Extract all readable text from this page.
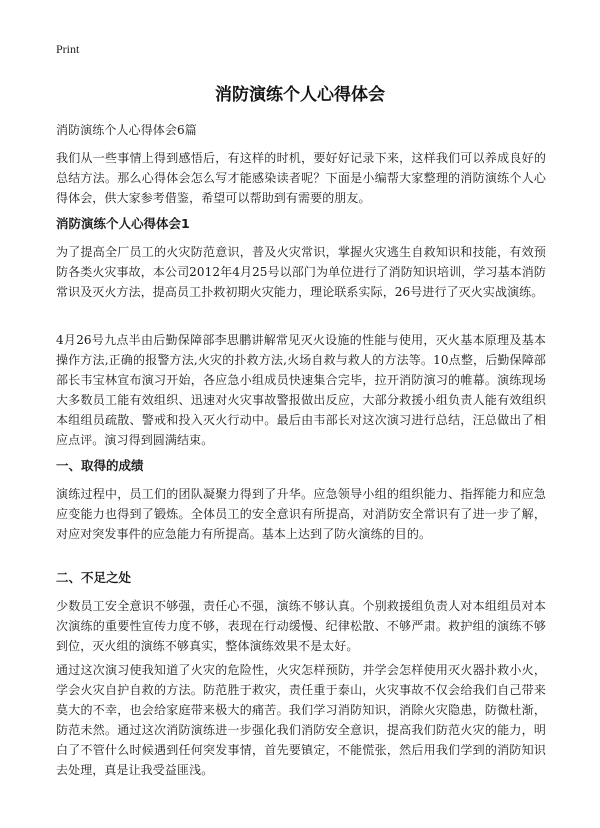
Print
消防演练个人心得体会

消防演练个人心得体会6篇

我们从一些事情上得到感悟后，有这样的时机，要好好记录下来，这样我们可以养成良好的总结方法。那么心得体会怎么写才能感染读者呢？下面是小编帮大家整理的消防演练个人心得体会，供大家参考借鉴，希望可以帮助到有需要的朋友。

消防演练个人心得体会1

为了提高全厂员工的火灾防范意识，普及火灾常识，掌握火灾逃生自救知识和技能，有效预防各类火灾事故，本公司2012年4月25号以部门为单位进行了消防知识培训，学习基本消防常识及灭火方法，提高员工扑救初期火灾能力，理论联系实际，26号进行了灭火实战演练。

4月26号九点半由后勤保障部李思鹏讲解常见灭火设施的性能与使用，灭火基本原理及基本操作方法,正确的报警方法,火灾的扑救方法,火场自救与救人的方法等。10点整，后勤保障部部长韦宝林宣布演习开始，各应急小组成员快速集合完毕，拉开消防演习的帷幕。演练现场大多数员工能有效组织、迅速对火灾事故警报做出反应，大部分救援小组负责人能有效组织本组组员疏散、警戒和投入灭火行动中。最后由韦部长对这次演习进行总结，汪总做出了相应点评。演习得到圆满结束。

一、取得的成绩

演练过程中，员工们的团队凝聚力得到了升华。应急领导小组的组织能力、指挥能力和应急应变能力也得到了锻炼。全体员工的安全意识有所提高，对消防安全常识有了进一步了解，对应对突发事件的应急能力有所提高。基本上达到了防火演练的目的。

二、不足之处

少数员工安全意识不够强，责任心不强，演练不够认真。个别救援组负责人对本组组员对本次演练的重要性宣传力度不够，表现在行动缓慢、纪律松散、不够严肃。救护组的演练不够到位，灭火组的演练不够真实，整体演练效果不是太好。

通过这次演习使我知道了火灾的危险性，火灾怎样预防，并学会怎样使用灭火器扑救小火，学会火灾自护自救的方法。防范胜于救灾，责任重于泰山，火灾事故不仅会给我们自己带来莫大的不幸，也会给家庭带来极大的痛苦。我们学习消防知识，消除火灾隐患，防微杜渐，防范未然。通过这次消防演练进一步强化我们消防安全意识，提高我们防范火灾的能力，明白了不管什么时候遇到任何突发事情，首先要镇定，不能慌张，然后用我们学到的消防知识去处理，真是让我受益匪浅。
